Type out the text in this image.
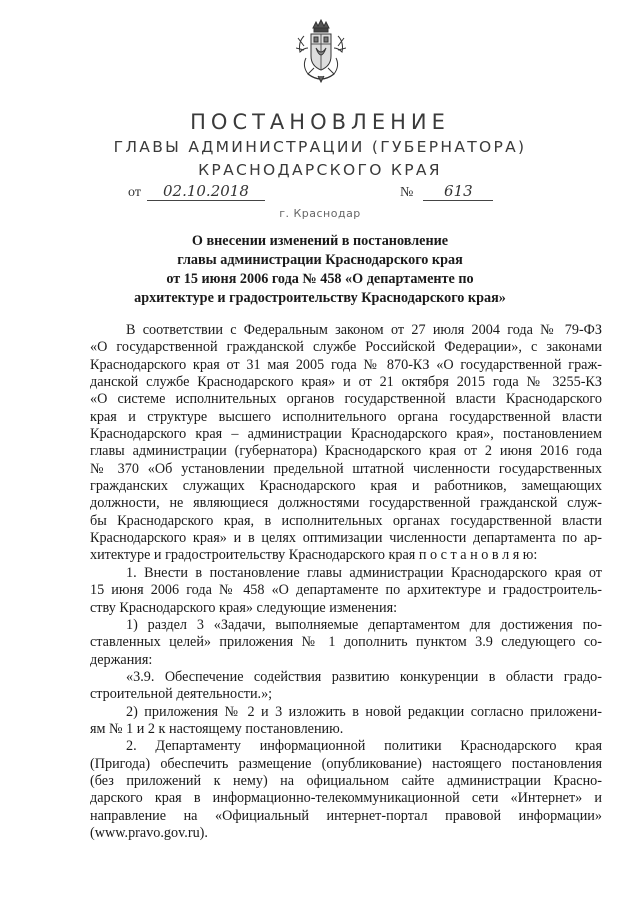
ПОСТАНОВЛЕНИЕ
ГЛАВЫ АДМИНИСТРАЦИИ (ГУБЕРНАТОРА)
КРАСНОДАРСКОГО КРАЯ
от 02.10.2018	№ 613
г. Краснодар
О внесении изменений в постановление
главы администрации Краснодарского края
от 15 июня 2006 года № 458 «О департаменте по
архитектуре и градостроительству Краснодарского края»
В соответствии с Федеральным законом от 27 июля 2004 года № 79-ФЗ
«О государственной гражданской службе Российской Федерации», с законами
Краснодарского края от 31 мая 2005 года № 870-КЗ «О государственной граж-
данской службе Краснодарского края» и от 21 октября 2015 года № 3255-КЗ
«О системе исполнительных органов государственной власти Краснодарского
края и структуре высшего исполнительного органа государственной власти
Краснодарского края – администрации Краснодарского края», постановлением
главы администрации (губернатора) Краснодарского края от 2 июня 2016 года
№ 370 «Об установлении предельной штатной численности государственных
гражданских служащих Краснодарского края и работников, замещающих
должности, не являющиеся должностями государственной гражданской служ-
бы Краснодарского края, в исполнительных органах государственной власти
Краснодарского края» и в целях оптимизации численности департамента по ар-
хитектуре и градостроительству Краснодарского края п о с т а н о в л я ю:
1. Внести в постановление главы администрации Краснодарского края от
15 июня 2006 года № 458 «О департаменте по архитектуре и градостроитель-
ству Краснодарского края» следующие изменения:
1) раздел 3 «Задачи, выполняемые департаментом для достижения по-
ставленных целей» приложения № 1 дополнить пунктом 3.9 следующего со-
держания:
«3.9. Обеспечение содействия развитию конкуренции в области градо-
строительной деятельности.»;
2) приложения № 2 и 3 изложить в новой редакции согласно приложени-
ям № 1 и 2 к настоящему постановлению.
2. Департаменту информационной политики Краснодарского края
(Пригода) обеспечить размещение (опубликование) настоящего постановления
(без приложений к нему) на официальном сайте администрации Красно-
дарского края в информационно-телекоммуникационной сети «Интернет» и
направление на «Официальный интернет-портал правовой информации»
(www.pravo.gov.ru).
